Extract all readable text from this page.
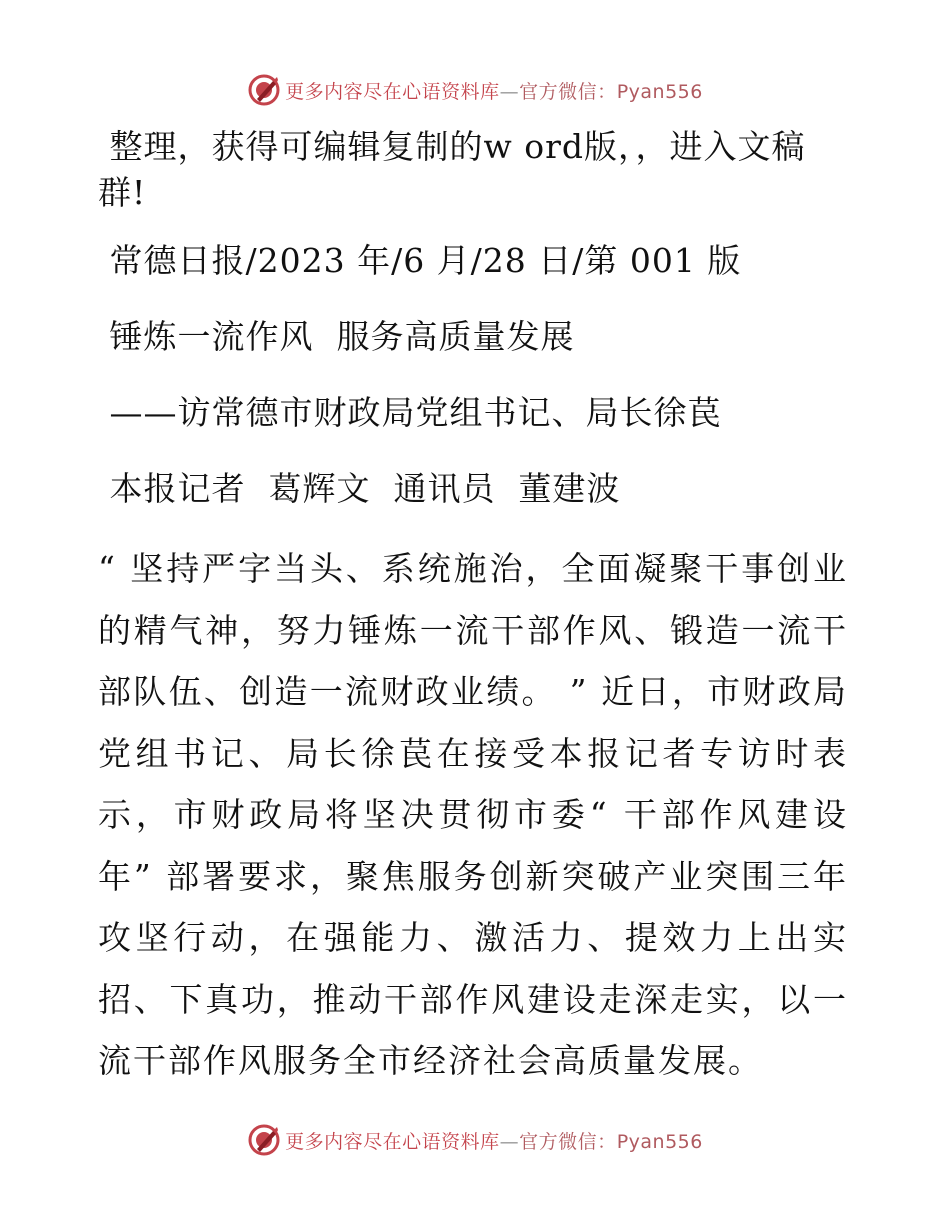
更多内容尽在心语资料库—官方微信：Pyan556

整理，获得可编辑复制的w ord版，，进入文稿

群!

常德日报/2023 年/6 月/28 日/第 001 版

锤炼一流作风  服务高质量发展

——访常德市财政局党组书记、局长徐苠

本报记者  葛辉文  通讯员  董建波

“ 坚持严字当头、系统施治，全面凝聚干事创业的精气神，努力锤炼一流干部作风、锻造一流干部队伍、创造一流财政业绩。 ” 近日，市财政局党组书记、局长徐苠在接受本报记者专访时表示，市财政局将坚决贯彻市委“ 干部作风建设年” 部署要求，聚焦服务创新突破产业突围三年攻坚行动，在强能力、激活力、提效力上出实招、下真功，推动干部作风建设走深走实，以一流干部作风服务全市经济社会高质量发展。

更多内容尽在心语资料库—官方微信：Pyan556
